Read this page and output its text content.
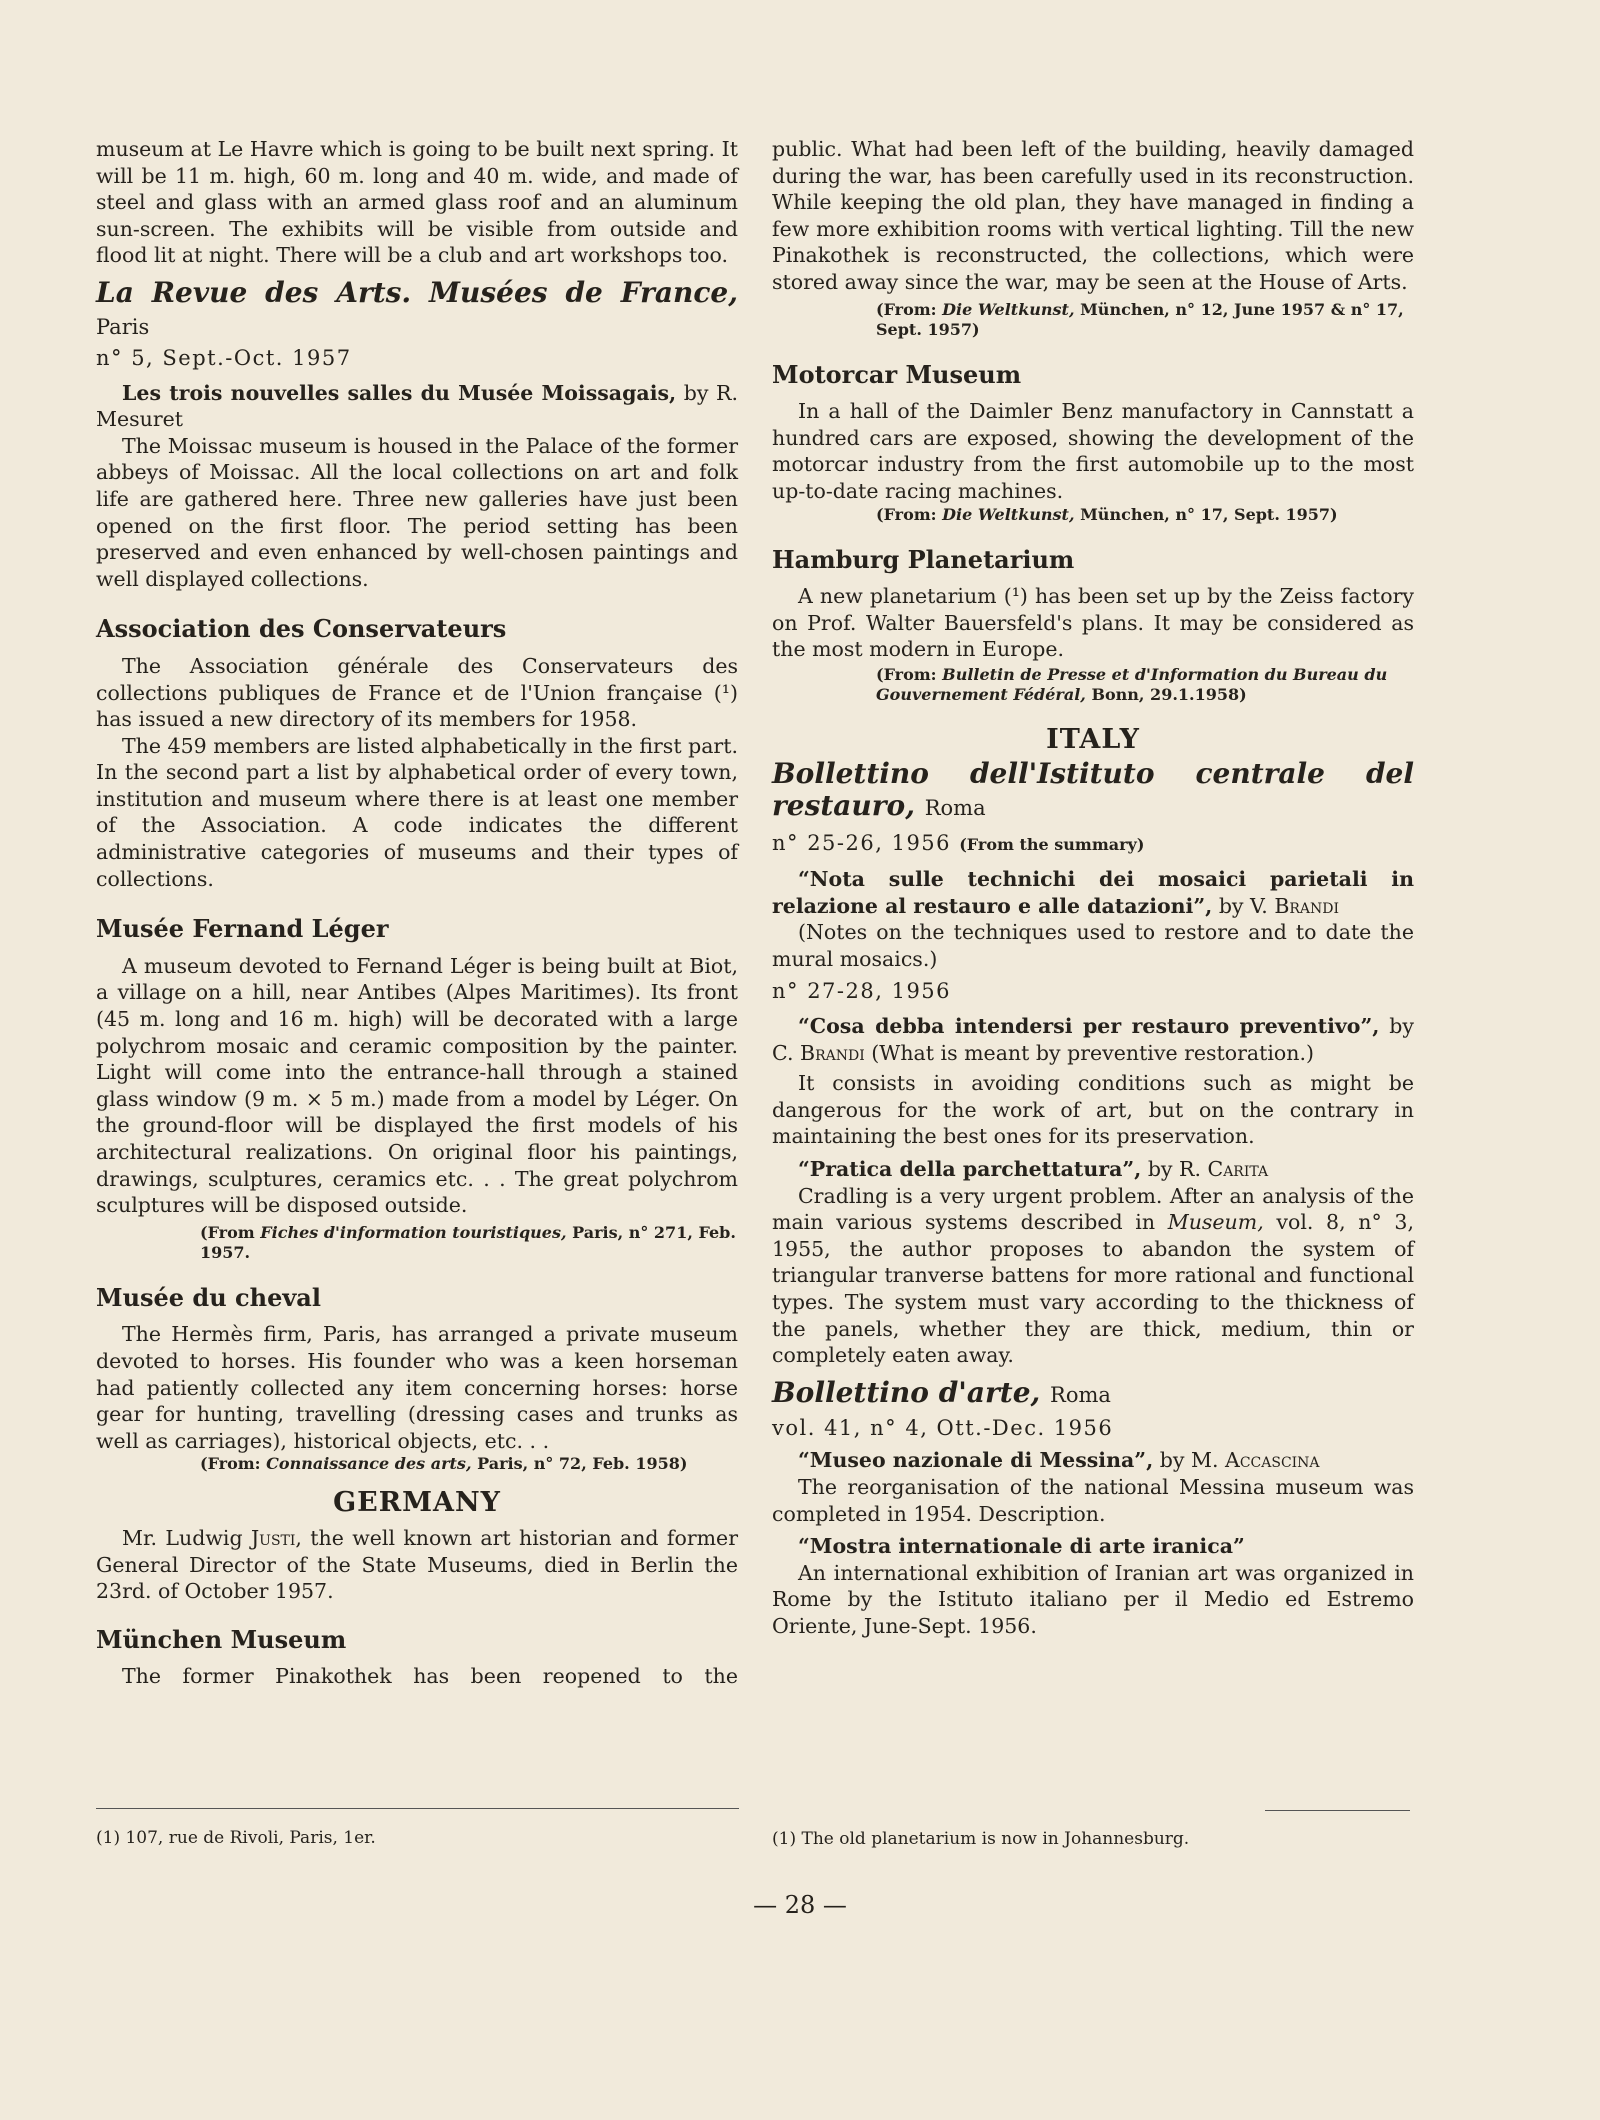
museum at Le Havre which is going to be built next spring. It will be 11 m. high, 60 m. long and 40 m. wide, and made of steel and glass with an armed glass roof and an aluminum sun-screen. The exhibits will be visible from outside and flood lit at night. There will be a club and art workshops too.

La Revue des Arts. Musées de France, Paris

n° 5, Sept.-Oct. 1957

Les trois nouvelles salles du Musée Moissagais, by R. Mesuret

The Moissac museum is housed in the Palace of the former abbeys of Moissac. All the local collections on art and folk life are gathered here. Three new galleries have just been opened on the first floor. The period setting has been preserved and even enhanced by well-chosen paintings and well displayed collections.

Association des Conservateurs

The Association générale des Conservateurs des collections publiques de France et de l'Union française (¹) has issued a new directory of its members for 1958.

The 459 members are listed alphabetically in the first part. In the second part a list by alphabetical order of every town, institution and museum where there is at least one member of the Association. A code indicates the different administrative categories of museums and their types of collections.

Musée Fernand Léger

A museum devoted to Fernand Léger is being built at Biot, a village on a hill, near Antibes (Alpes Maritimes). Its front (45 m. long and 16 m. high) will be decorated with a large polychrom mosaic and ceramic composition by the painter. Light will come into the entrance-hall through a stained glass window (9 m. × 5 m.) made from a model by Léger. On the ground-floor will be displayed the first models of his architectural realizations. On original floor his paintings, drawings, sculptures, ceramics etc. . . The great polychrom sculptures will be disposed outside.

(From Fiches d'information touristiques, Paris, n° 271, Feb. 1957.

Musée du cheval

The Hermès firm, Paris, has arranged a private museum devoted to horses. His founder who was a keen horseman had patiently collected any item concerning horses: horse gear for hunting, travelling (dressing cases and trunks as well as carriages), historical objects, etc. . .

(From: Connaissance des arts, Paris, n° 72, Feb. 1958)

GERMANY

Mr. Ludwig Justi, the well known art historian and former General Director of the State Museums, died in Berlin the 23rd. of October 1957.

München Museum

The former Pinakothek has been reopened to the

(1) 107, rue de Rivoli, Paris, 1er.

public. What had been left of the building, heavily damaged during the war, has been carefully used in its reconstruction. While keeping the old plan, they have managed in finding a few more exhibition rooms with vertical lighting. Till the new Pinakothek is reconstructed, the collections, which were stored away since the war, may be seen at the House of Arts.

(From: Die Weltkunst, München, n° 12, June 1957 & n° 17, Sept. 1957)

Motorcar Museum

In a hall of the Daimler Benz manufactory in Cannstatt a hundred cars are exposed, showing the development of the motorcar industry from the first automobile up to the most up-to-date racing machines.

(From: Die Weltkunst, München, n° 17, Sept. 1957)

Hamburg Planetarium

A new planetarium (¹) has been set up by the Zeiss factory on Prof. Walter Bauersfeld's plans. It may be considered as the most modern in Europe.

(From: Bulletin de Presse et d'Information du Bureau du Gouvernement Fédéral, Bonn, 29.1.1958)

ITALY

Bollettino dell'Istituto centrale del restauro, Roma

n° 25-26, 1956 (From the summary)

“Nota sulle technichi dei mosaici parietali in relazione al restauro e alle datazioni”, by V. Brandi

(Notes on the techniques used to restore and to date the mural mosaics.)

n° 27-28, 1956

“Cosa debba intendersi per restauro preventivo”, by C. Brandi (What is meant by preventive restoration.)

It consists in avoiding conditions such as might be dangerous for the work of art, but on the contrary in maintaining the best ones for its preservation.

“Pratica della parchettatura”, by R. Carita

Cradling is a very urgent problem. After an analysis of the main various systems described in Museum, vol. 8, n° 3, 1955, the author proposes to abandon the system of triangular tranverse battens for more rational and functional types. The system must vary according to the thickness of the panels, whether they are thick, medium, thin or completely eaten away.

Bollettino d'arte, Roma

vol. 41, n° 4, Ott.-Dec. 1956

“Museo nazionale di Messina”, by M. Accascina

The reorganisation of the national Messina museum was completed in 1954. Description.

“Mostra internationale di arte iranica”

An international exhibition of Iranian art was organized in Rome by the Istituto italiano per il Medio ed Estremo Oriente, June-Sept. 1956.

(1) The old planetarium is now in Johannesburg.
— 28 —
